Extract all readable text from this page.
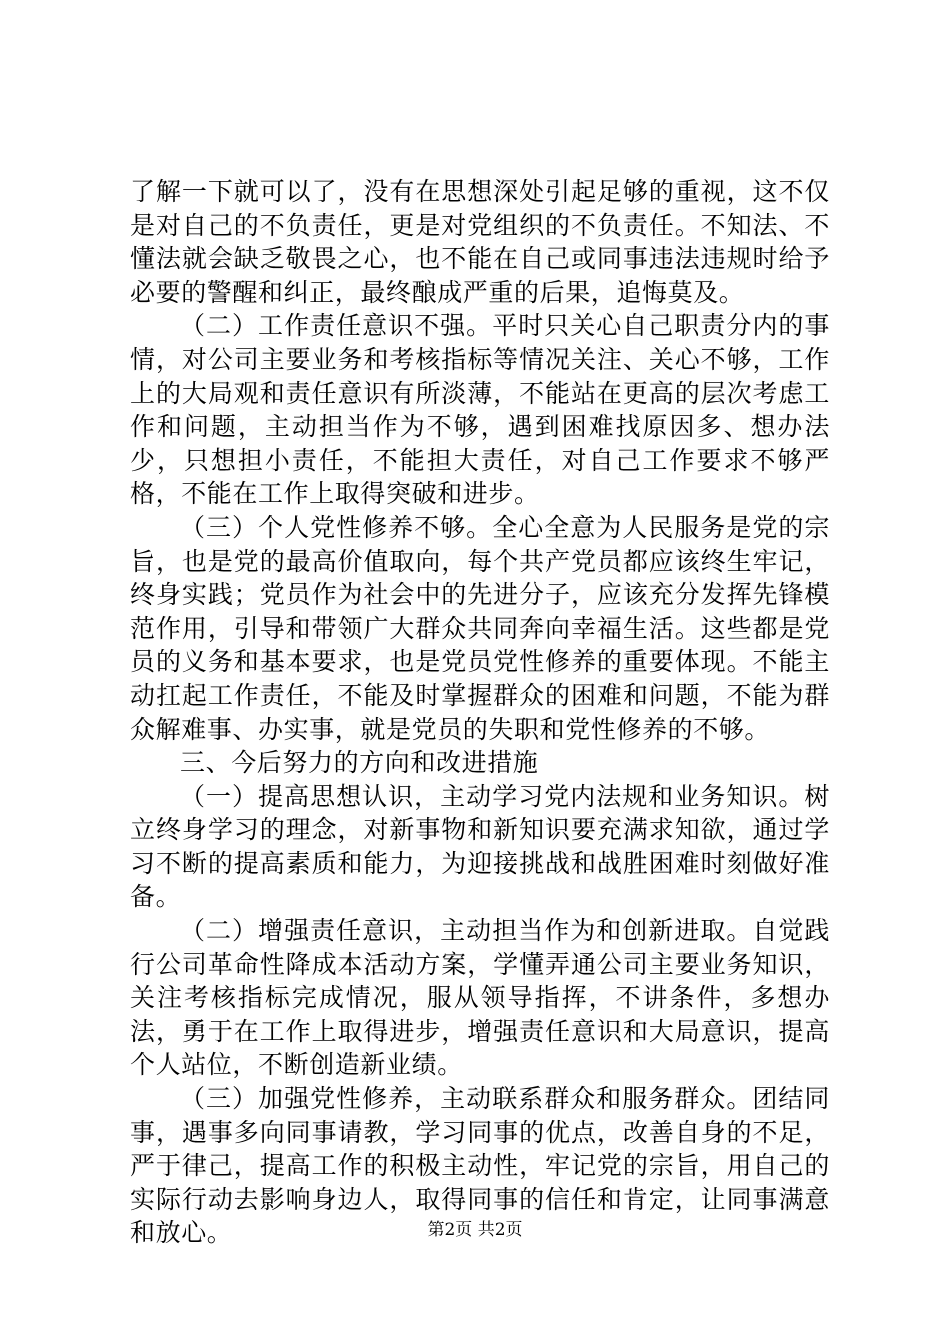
了解一下就可以了，没有在思想深处引起足够的重视，这不仅是对自己的不负责任，更是对党组织的不负责任。不知法、不懂法就会缺乏敬畏之心，也不能在自己或同事违法违规时给予必要的警醒和纠正，最终酿成严重的后果，追悔莫及。

（二）工作责任意识不强。平时只关心自己职责分内的事情，对公司主要业务和考核指标等情况关注、关心不够，工作上的大局观和责任意识有所淡薄，不能站在更高的层次考虑工作和问题，主动担当作为不够，遇到困难找原因多、想办法少，只想担小责任，不能担大责任，对自己工作要求不够严格，不能在工作上取得突破和进步。

（三）个人党性修养不够。全心全意为人民服务是党的宗旨，也是党的最高价值取向，每个共产党员都应该终生牢记，终身实践；党员作为社会中的先进分子，应该充分发挥先锋模范作用，引导和带领广大群众共同奔向幸福生活。这些都是党员的义务和基本要求，也是党员党性修养的重要体现。不能主动扛起工作责任，不能及时掌握群众的困难和问题，不能为群众解难事、办实事，就是党员的失职和党性修养的不够。

三、今后努力的方向和改进措施

（一）提高思想认识，主动学习党内法规和业务知识。树立终身学习的理念，对新事物和新知识要充满求知欲，通过学习不断的提高素质和能力，为迎接挑战和战胜困难时刻做好准备。

（二）增强责任意识，主动担当作为和创新进取。自觉践行公司革命性降成本活动方案，学懂弄通公司主要业务知识，关注考核指标完成情况，服从领导指挥，不讲条件，多想办法，勇于在工作上取得进步，增强责任意识和大局意识，提高个人站位，不断创造新业绩。

（三）加强党性修养，主动联系群众和服务群众。团结同事，遇事多向同事请教，学习同事的优点，改善自身的不足，严于律己，提高工作的积极主动性，牢记党的宗旨，用自己的实际行动去影响身边人，取得同事的信任和肯定，让同事满意和放心。	第2页 共2页
